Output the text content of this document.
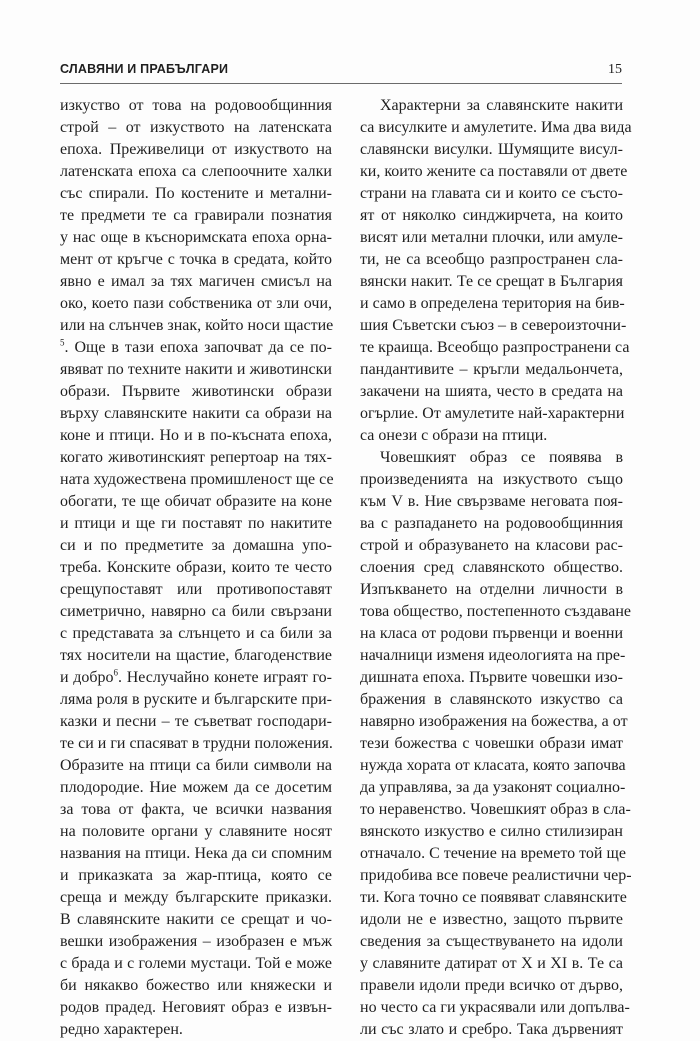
СЛАВЯНИ И ПРАБЪЛГАРИ	15
изкуство от това на родовообщинния
строй – от изкуството на латенската
епоха. Преживелици от изкуството на
латенската епоха са слепоочните халки
със спирали. По костените и метални-
те предмети те са гравирали познатия
у нас още в късноримската епоха орна-
мент от кръгче с точка в средата, който
явно е имал за тях магичен смисъл на
око, което пази собственика от зли очи,
или на слънчев знак, който носи щастие
$^5$. Още в тази епоха започват да се по-
явяват по техните накити и животински
образи. Първите животински образи
върху славянските накити са образи на
коне и птици. Но и в по-късната епоха,
когато животинският репертоар на тях-
ната художествена промишленост ще се
обогати, те ще обичат образите на коне
и птици и ще ги поставят по накитите
си и по предметите за домашна упо-
треба. Конските образи, които те често
срещупоставят или противопоставят
симетрично, навярно са били свързани
с представата за слънцето и са били за
тях носители на щастие, благоденствие
и добро$^6$. Неслучайно конете играят го-
ляма роля в руските и българските при-
казки и песни – те съветват господари-
те си и ги спасяват в трудни положения.
Образите на птици са били символи на
плодородие. Ние можем да се досетим
за това от факта, че всички названия
на половите органи у славяните носят
названия на птици. Нека да си спомним
и приказката за жар-птица, която се
среща и между българските приказки.
В славянските накити се срещат и чо-
вешки изображения – изобразен е мъж
с брада и с големи мустаци. Той е може
би някакво божество или княжески и
родов прадед. Неговият образ е извън-
редно характерен.
Характерни за славянските накити
са висулките и амулетите. Има два вида
славянски висулки. Шумящите висул-
ки, които жените са поставяли от двете
страни на главата си и които се състо-
ят от няколко синджирчета, на които
висят или метални плочки, или амуле-
ти, не са всеобщо разпространен сла-
вянски накит. Те се срещат в България
и само в определена територия на бив-
шия Съветски съюз – в североизточни-
те краища. Всеобщо разпространени са
пандантивите – кръгли медальончета,
закачени на шията, често в средата на
огърлие. От амулетите най-характерни
са онези с образи на птици.
Човешкият образ се появява в
произведенията на изкуството също
към V в. Ние свързваме неговата поя-
ва с разпадането на родовообщинния
строй и образуването на класови рас-
слоения сред славянското общество.
Изпъкването на отделни личности в
това общество, постепенното създаване
на класа от родови първенци и военни
началници изменя идеологията на пре-
дишната епоха. Първите човешки изо-
бражения в славянското изкуство са
навярно изображения на божества, а от
тези божества с човешки образи имат
нужда хората от класата, която започва
да управлява, за да узаконят социално-
то неравенство. Човешкият образ в сла-
вянското изкуство е силно стилизиран
отначало. С течение на времето той ще
придобива все повече реалистични чер-
ти. Кога точно се появяват славянските
идоли не е известно, защото първите
сведения за съществуването на идоли
у славяните датират от X и XI в. Те са
правели идоли преди всичко от дърво,
но често са ги украсявали или допълва-
ли със злато и сребро. Така дървеният
